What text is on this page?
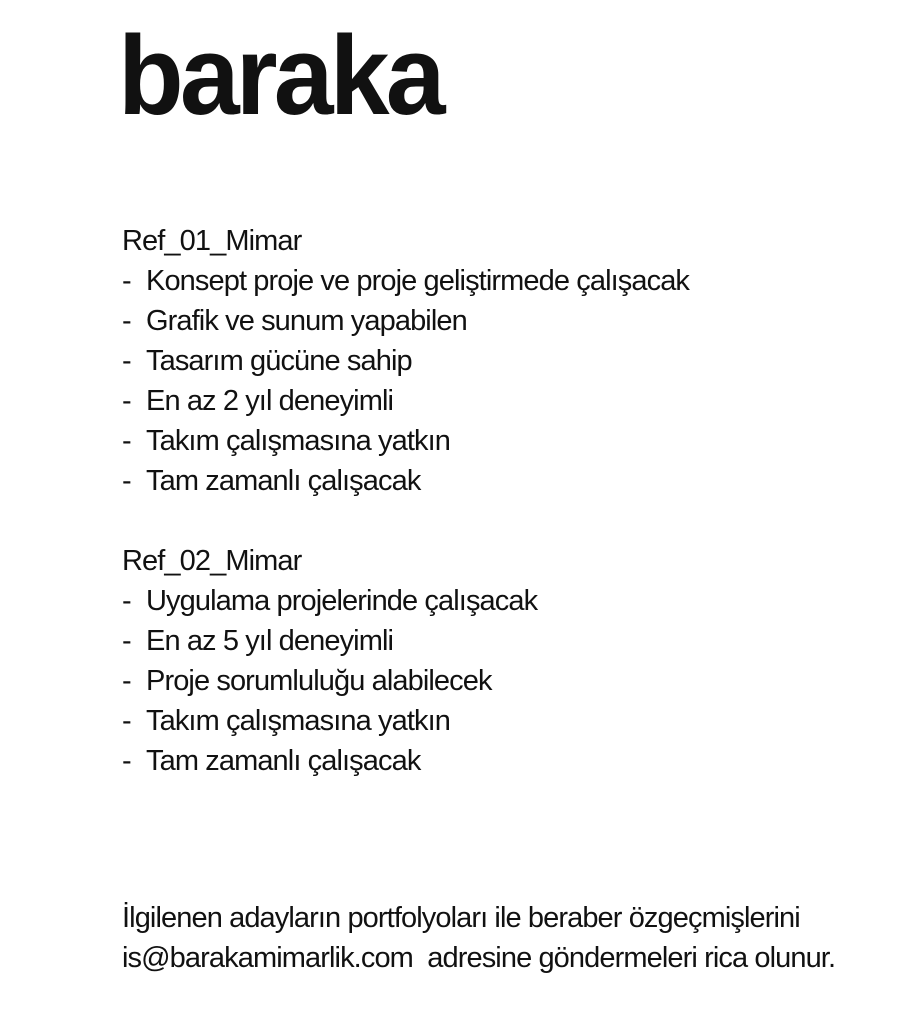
baraka
Ref_01_Mimar
- Konsept proje ve proje geliştirmede çalışacak
- Grafik ve sunum yapabilen
- Tasarım gücüne sahip
- En az 2 yıl deneyimli
- Takım çalışmasına yatkın
- Tam zamanlı çalışacak
Ref_02_Mimar
- Uygulama projelerinde çalışacak
- En az 5 yıl deneyimli
- Proje sorumluluğu alabilecek
- Takım çalışmasına yatkın
- Tam zamanlı çalışacak
İlgilenen adayların portfolyoları ile beraber özgeçmişlerini
is@barakamimarlik.com  adresine göndermeleri rica olunur.
